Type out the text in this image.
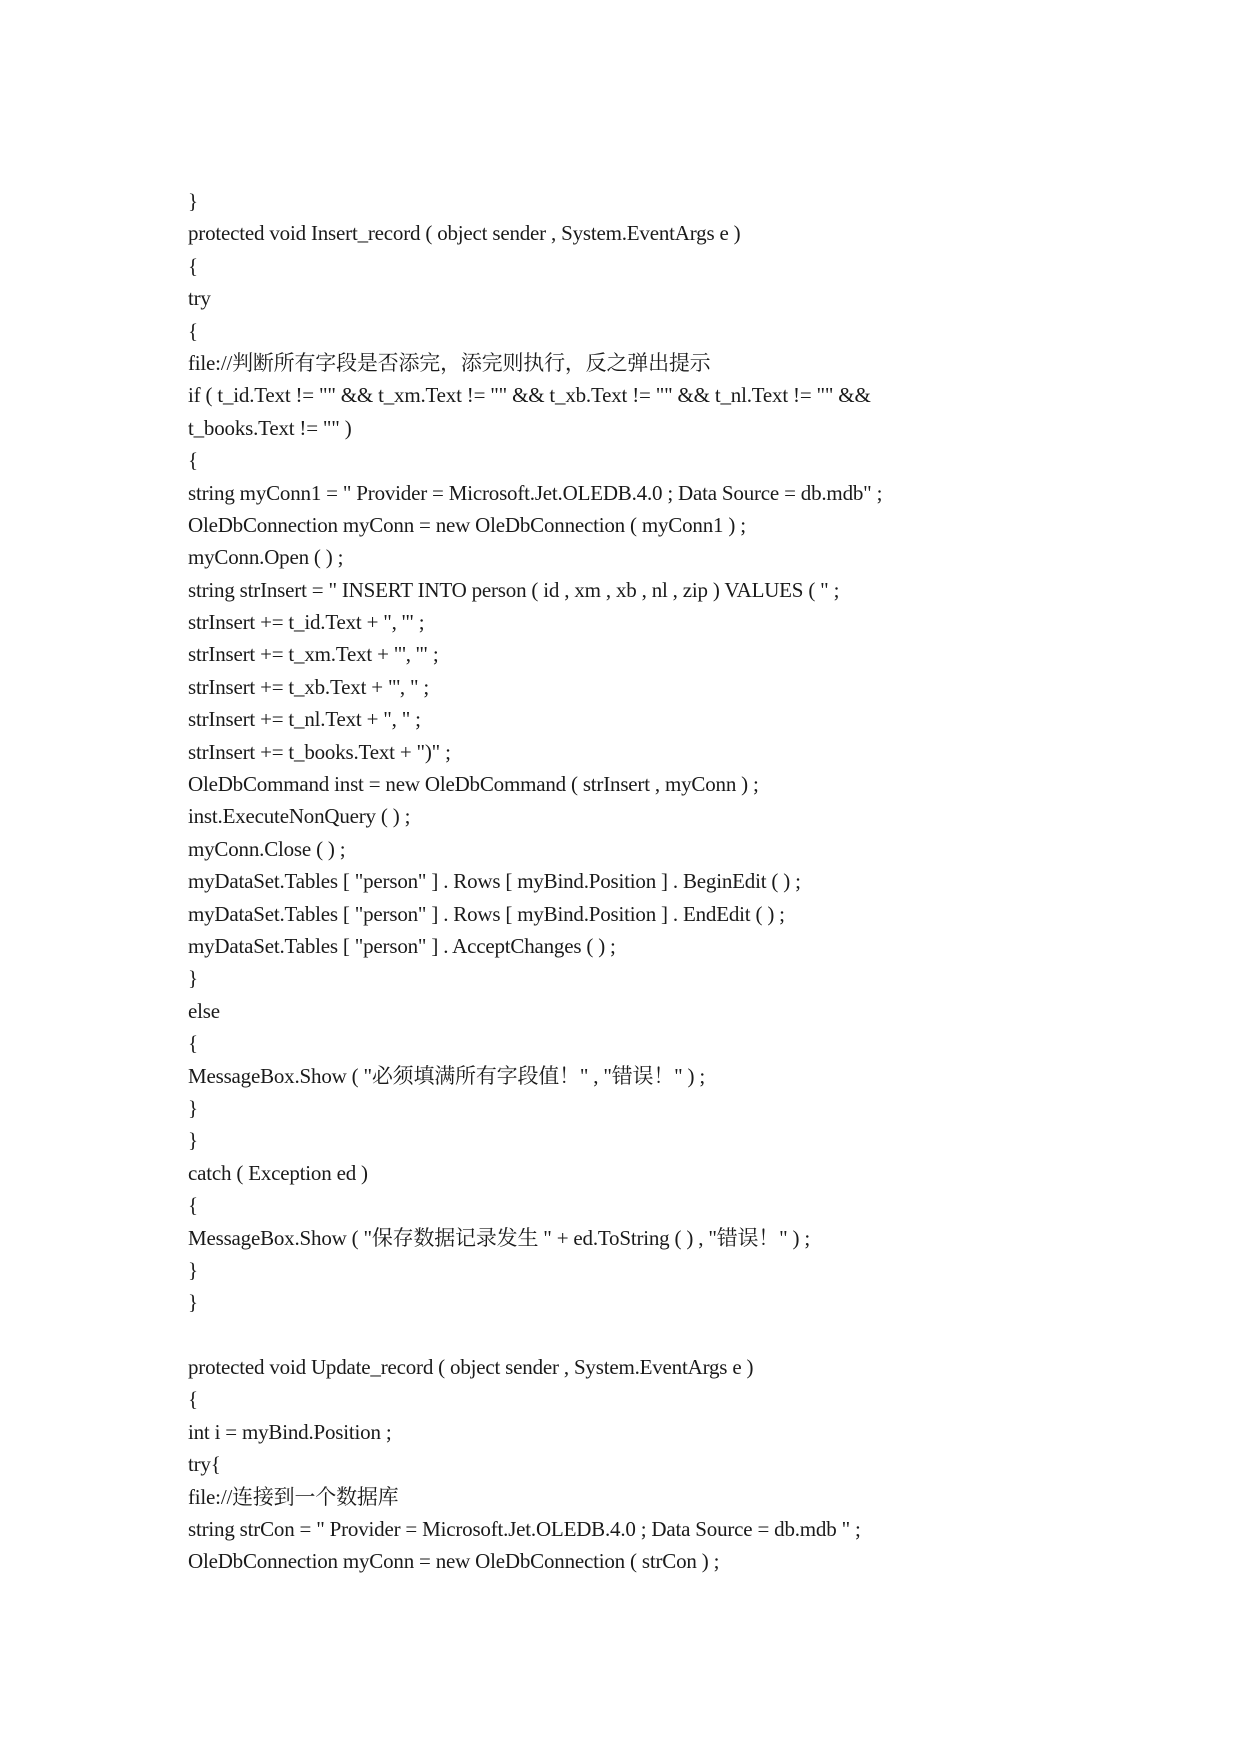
}
protected void Insert_record ( object sender , System.EventArgs e )
{
try
{
file://判断所有字段是否添完，添完则执行，反之弹出提示
if ( t_id.Text != "" && t_xm.Text != "" && t_xb.Text != "" && t_nl.Text != "" &&
t_books.Text != "" )
{
string myConn1 = " Provider = Microsoft.Jet.OLEDB.4.0 ; Data Source = db.mdb" ;
OleDbConnection myConn = new OleDbConnection ( myConn1 ) ;
myConn.Open ( ) ;
string strInsert = " INSERT INTO person ( id , xm , xb , nl , zip ) VALUES ( " ;
strInsert += t_id.Text + ", '" ;
strInsert += t_xm.Text + "', '" ;
strInsert += t_xb.Text + "', " ;
strInsert += t_nl.Text + ", " ;
strInsert += t_books.Text + ")" ;
OleDbCommand inst = new OleDbCommand ( strInsert , myConn ) ;
inst.ExecuteNonQuery ( ) ;
myConn.Close ( ) ;
myDataSet.Tables [ "person" ] . Rows [ myBind.Position ] . BeginEdit ( ) ;
myDataSet.Tables [ "person" ] . Rows [ myBind.Position ] . EndEdit ( ) ;
myDataSet.Tables [ "person" ] . AcceptChanges ( ) ;
}
else
{
MessageBox.Show ( "必须填满所有字段值！" , "错误！" ) ;
}
}
catch ( Exception ed )
{
MessageBox.Show ( "保存数据记录发生 " + ed.ToString ( ) , "错误！" ) ;
}
}
protected void Update_record ( object sender , System.EventArgs e )
{
int i = myBind.Position ;
try{
file://连接到一个数据库
string strCon = " Provider = Microsoft.Jet.OLEDB.4.0 ; Data Source = db.mdb " ;
OleDbConnection myConn = new OleDbConnection ( strCon ) ;
